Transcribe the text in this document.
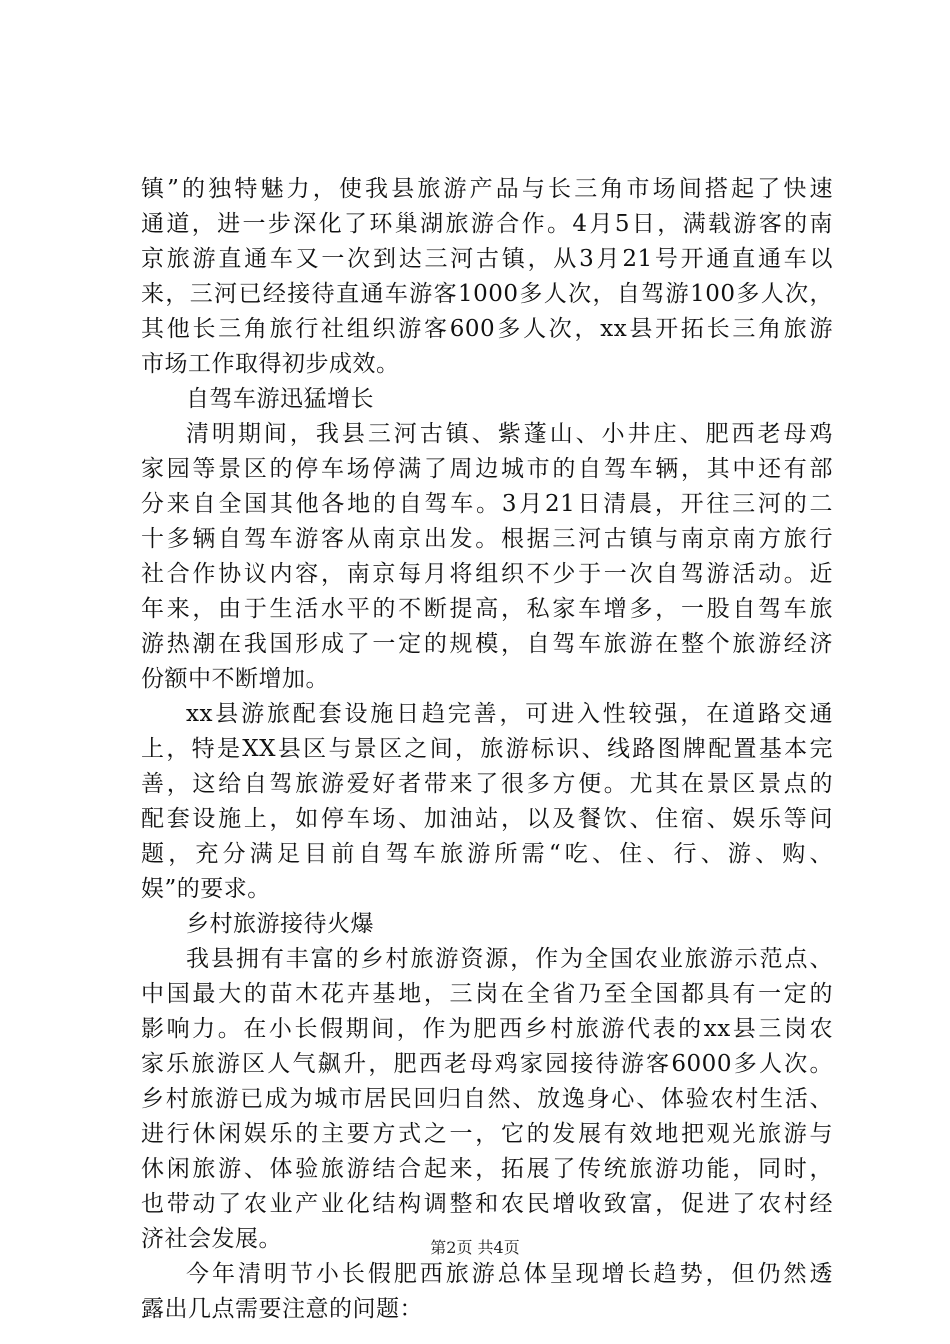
镇”的独特魅力，使我县旅游产品与长三角市场间搭起了快速
通道，进一步深化了环巢湖旅游合作。4月5日，满载游客的南
京旅游直通车又一次到达三河古镇，从3月21号开通直通车以
来，三河已经接待直通车游客1000多人次，自驾游100多人次，
其他长三角旅行社组织游客600多人次，xx县开拓长三角旅游
市场工作取得初步成效。
自驾车游迅猛增长
清明期间，我县三河古镇、紫蓬山、小井庄、肥西老母鸡
家园等景区的停车场停满了周边城市的自驾车辆，其中还有部
分来自全国其他各地的自驾车。3月21日清晨，开往三河的二
十多辆自驾车游客从南京出发。根据三河古镇与南京南方旅行
社合作协议内容，南京每月将组织不少于一次自驾游活动。近
年来，由于生活水平的不断提高，私家车增多，一股自驾车旅
游热潮在我国形成了一定的规模，自驾车旅游在整个旅游经济
份额中不断增加。
xx县游旅配套设施日趋完善，可进入性较强，在道路交通
上，特是XX县区与景区之间，旅游标识、线路图牌配置基本完
善，这给自驾旅游爱好者带来了很多方便。尤其在景区景点的
配套设施上，如停车场、加油站，以及餐饮、住宿、娱乐等问
题，充分满足目前自驾车旅游所需“吃、住、行、游、购、
娱”的要求。
乡村旅游接待火爆
我县拥有丰富的乡村旅游资源，作为全国农业旅游示范点、
中国最大的苗木花卉基地，三岗在全省乃至全国都具有一定的
影响力。在小长假期间，作为肥西乡村旅游代表的xx县三岗农
家乐旅游区人气飙升，肥西老母鸡家园接待游客6000多人次。
乡村旅游已成为城市居民回归自然、放逸身心、体验农村生活、
进行休闲娱乐的主要方式之一，它的发展有效地把观光旅游与
休闲旅游、体验旅游结合起来，拓展了传统旅游功能，同时，
也带动了农业产业化结构调整和农民增收致富，促进了农村经
济社会发展。
今年清明节小长假肥西旅游总体呈现增长趋势，但仍然透
露出几点需要注意的问题：
第2页 共4页
